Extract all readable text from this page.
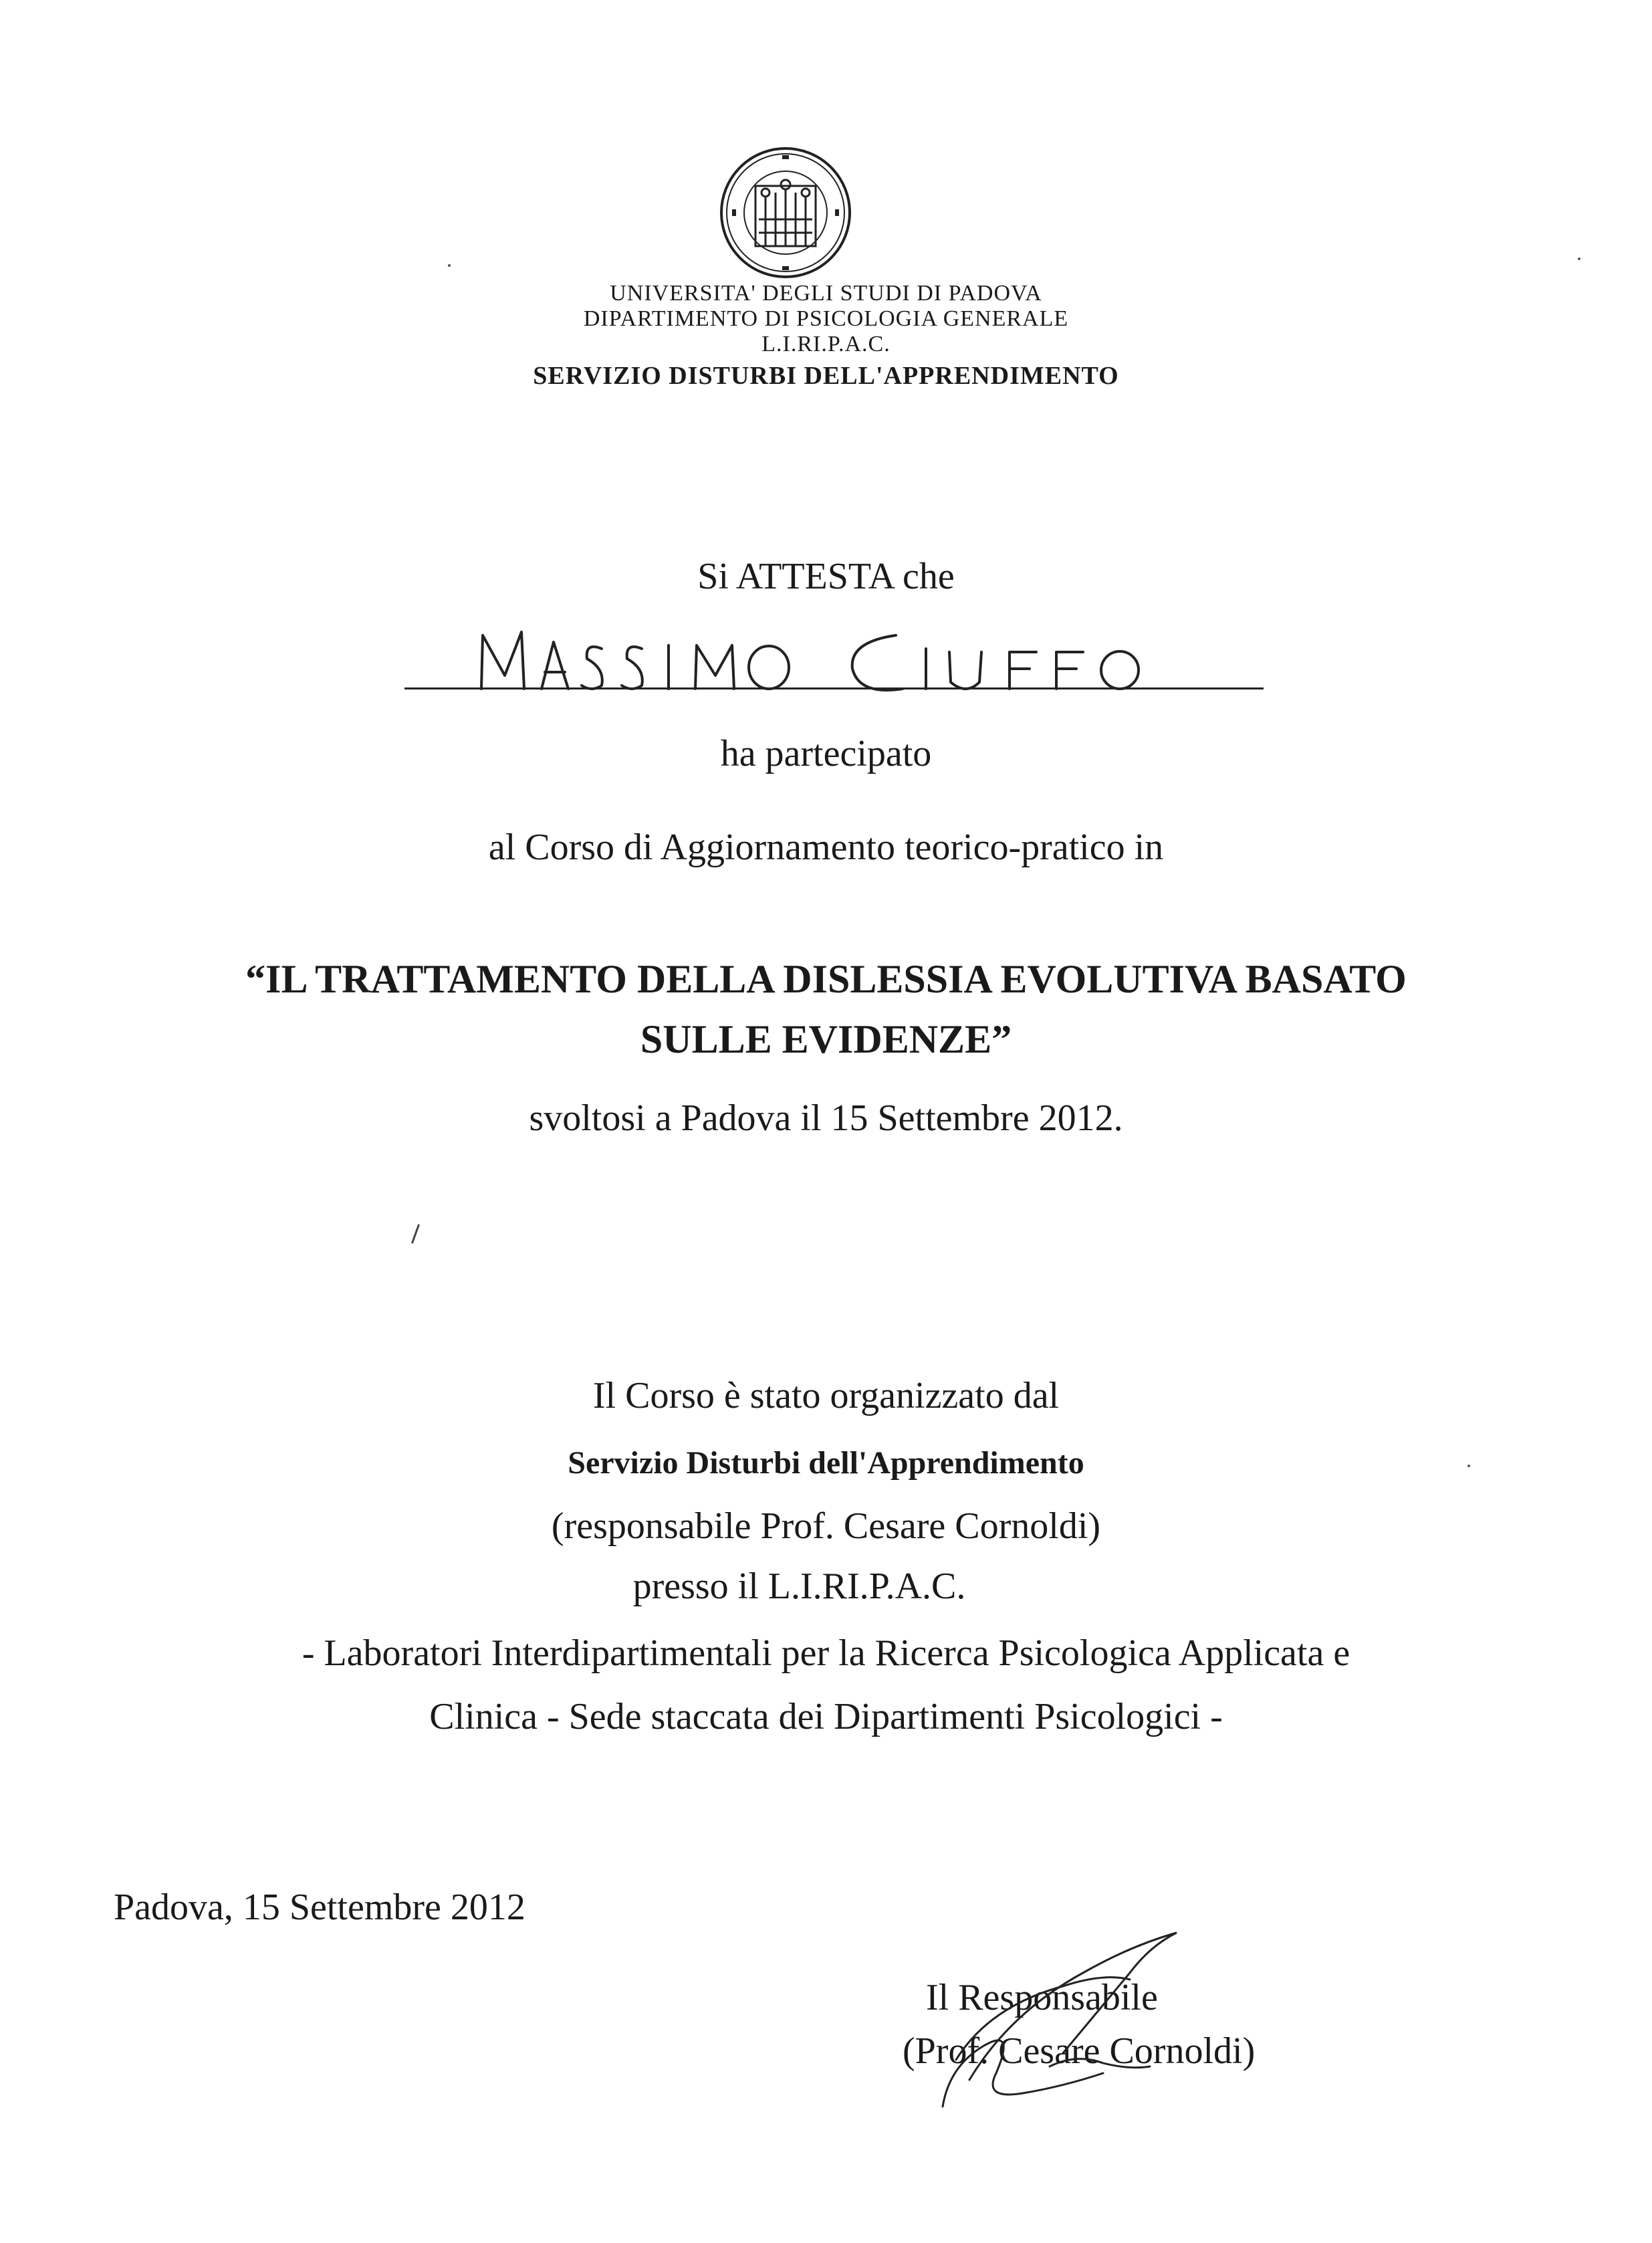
UNIVERSITA' DEGLI STUDI DI PADOVA
DIPARTIMENTO DI PSICOLOGIA GENERALE
L.I.RI.P.A.C.
SERVIZIO DISTURBI DELL'APPRENDIMENTO
Si ATTESTA che
ha partecipato
al Corso di Aggiornamento teorico-pratico in
“IL TRATTAMENTO DELLA DISLESSIA EVOLUTIVA BASATO
SULLE EVIDENZE”
svoltosi a Padova il 15 Settembre 2012.
Il Corso è stato organizzato dal
Servizio Disturbi dell'Apprendimento
(responsabile Prof. Cesare Cornoldi)
presso il L.I.RI.P.A.C.
- Laboratori Interdipartimentali per la Ricerca Psicologica Applicata e
Clinica - Sede staccata dei Dipartimenti Psicologici -
Padova, 15 Settembre 2012
Il Responsabile
(Prof. Cesare Cornoldi)
